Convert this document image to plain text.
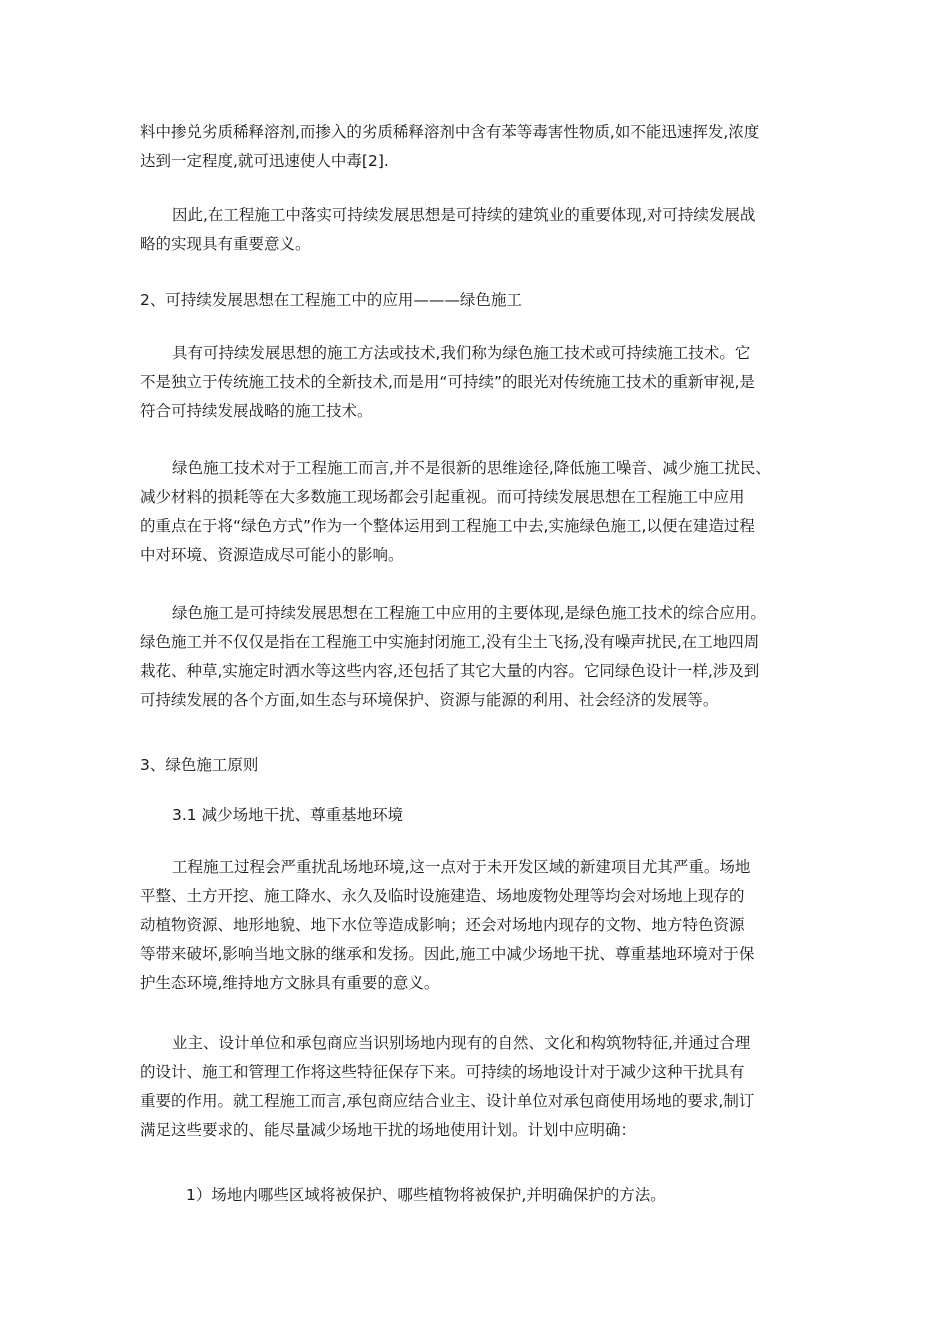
料中掺兑劣质稀释溶剂,而掺入的劣质稀释溶剂中含有苯等毒害性物质,如不能迅速挥发,浓度
达到一定程度,就可迅速使人中毒[2].

因此,在工程施工中落实可持续发展思想是可持续的建筑业的重要体现,对可持续发展战
略的实现具有重要意义。

2、可持续发展思想在工程施工中的应用———绿色施工

具有可持续发展思想的施工方法或技术,我们称为绿色施工技术或可持续施工技术。它
不是独立于传统施工技术的全新技术,而是用“可持续”的眼光对传统施工技术的重新审视,是
符合可持续发展战略的施工技术。

绿色施工技术对于工程施工而言,并不是很新的思维途径,降低施工噪音、减少施工扰民、
减少材料的损耗等在大多数施工现场都会引起重视。而可持续发展思想在工程施工中应用
的重点在于将“绿色方式”作为一个整体运用到工程施工中去,实施绿色施工,以便在建造过程
中对环境、资源造成尽可能小的影响。

绿色施工是可持续发展思想在工程施工中应用的主要体现,是绿色施工技术的综合应用。
绿色施工并不仅仅是指在工程施工中实施封闭施工,没有尘土飞扬,没有噪声扰民,在工地四周
栽花、种草,实施定时洒水等这些内容,还包括了其它大量的内容。它同绿色设计一样,涉及到
可持续发展的各个方面,如生态与环境保护、资源与能源的利用、社会经济的发展等。

3、绿色施工原则

3.1 减少场地干扰、尊重基地环境

工程施工过程会严重扰乱场地环境,这一点对于未开发区域的新建项目尤其严重。场地
平整、土方开挖、施工降水、永久及临时设施建造、场地废物处理等均会对场地上现存的
动植物资源、地形地貌、地下水位等造成影响；还会对场地内现存的文物、地方特色资源
等带来破坏,影响当地文脉的继承和发扬。因此,施工中减少场地干扰、尊重基地环境对于保
护生态环境,维持地方文脉具有重要的意义。

业主、设计单位和承包商应当识别场地内现有的自然、文化和构筑物特征,并通过合理
的设计、施工和管理工作将这些特征保存下来。可持续的场地设计对于减少这种干扰具有
重要的作用。就工程施工而言,承包商应结合业主、设计单位对承包商使用场地的要求,制订
满足这些要求的、能尽量减少场地干扰的场地使用计划。计划中应明确：

1）场地内哪些区域将被保护、哪些植物将被保护,并明确保护的方法。
